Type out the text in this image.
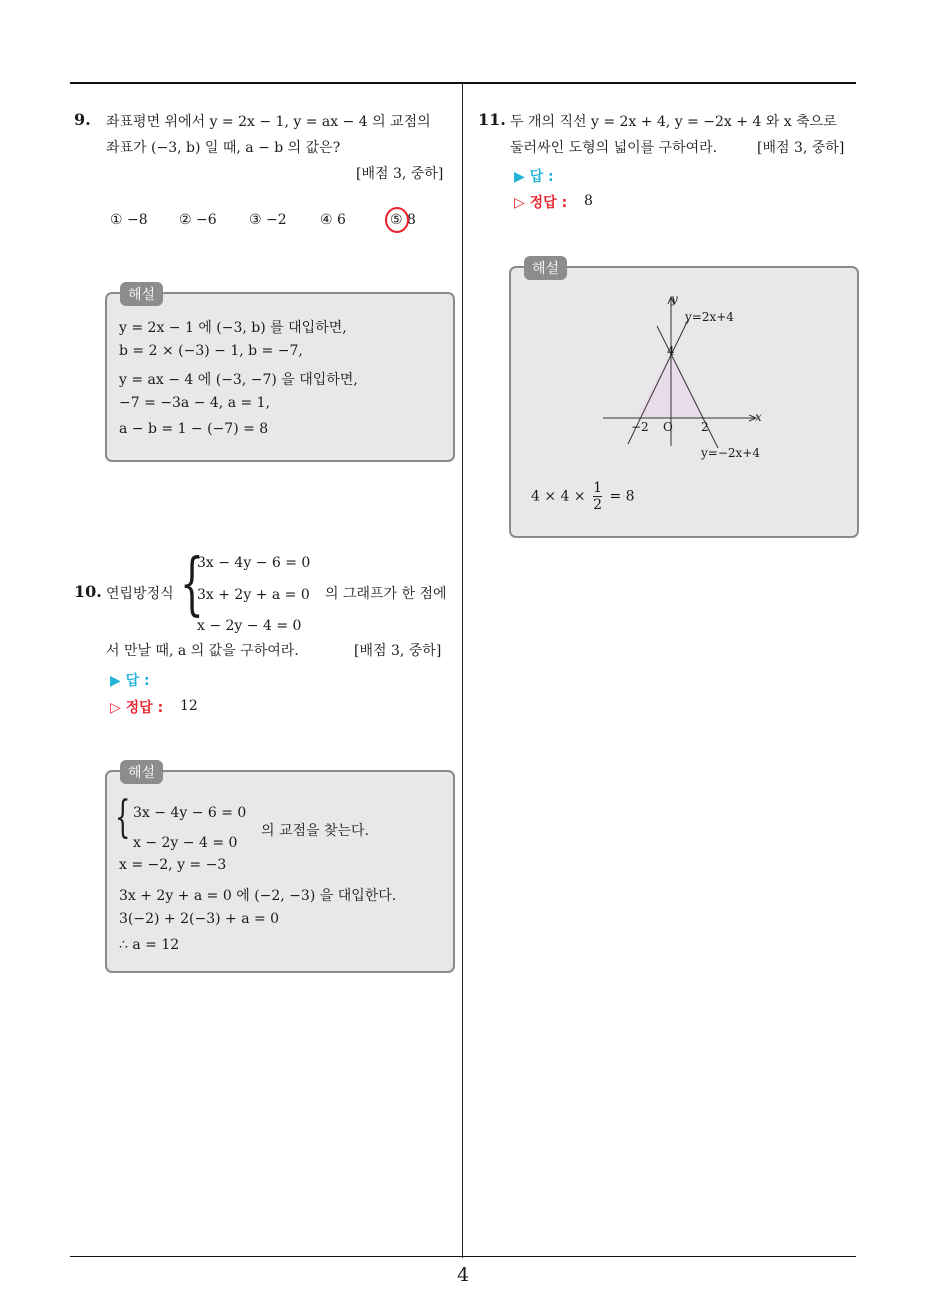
4
9. 좌표평면 위에서 y = 2x − 1, y = ax − 4 의 교점의
좌표가 (−3, b) 일 때, a − b 의 값은?
[배점 3, 중하]
① −8 ② −6 ③ −2 ④ 6	⑤ 8
y = 2x − 1 에 (−3, b) 를 대입하면,
b = 2 × (−3) − 1, b = −7,
y = ax − 4 에 (−3, −7) 을 대입하면,
−7 = −3a − 4, a = 1,
a − b = 1 − (−7) = 8
해설
10. 연립방정식 {
3x − 4y − 6 = 0
3x + 2y + a = 0
x − 2y − 4 = 0
의 그래프가 한 점에
서 만날 때, a 의 값을 구하여라.	[배점 3, 중하]
▶ 답 :
▷ 정답 : 12
{ 3x − 4y − 6 = 0
x − 2y − 4 = 0
의 교점을 찾는다.
x = −2, y = −3
3x + 2y + a = 0 에 (−2, −3) 을 대입한다.
3(−2) + 2(−3) + a = 0
∴ a = 12
해설
11. 두 개의 직선 y = 2x + 4, y = −2x + 4 와 x 축으로
둘러싸인 도형의 넓이를 구하여라.	[배점 3, 중하]
▶ 답 :
▷ 정답 : 8
y
x
y=2x+4
4
−2 O 2
y=−2x+4
$4 \times 4 \times \frac{1}{2} = 8$
해설
